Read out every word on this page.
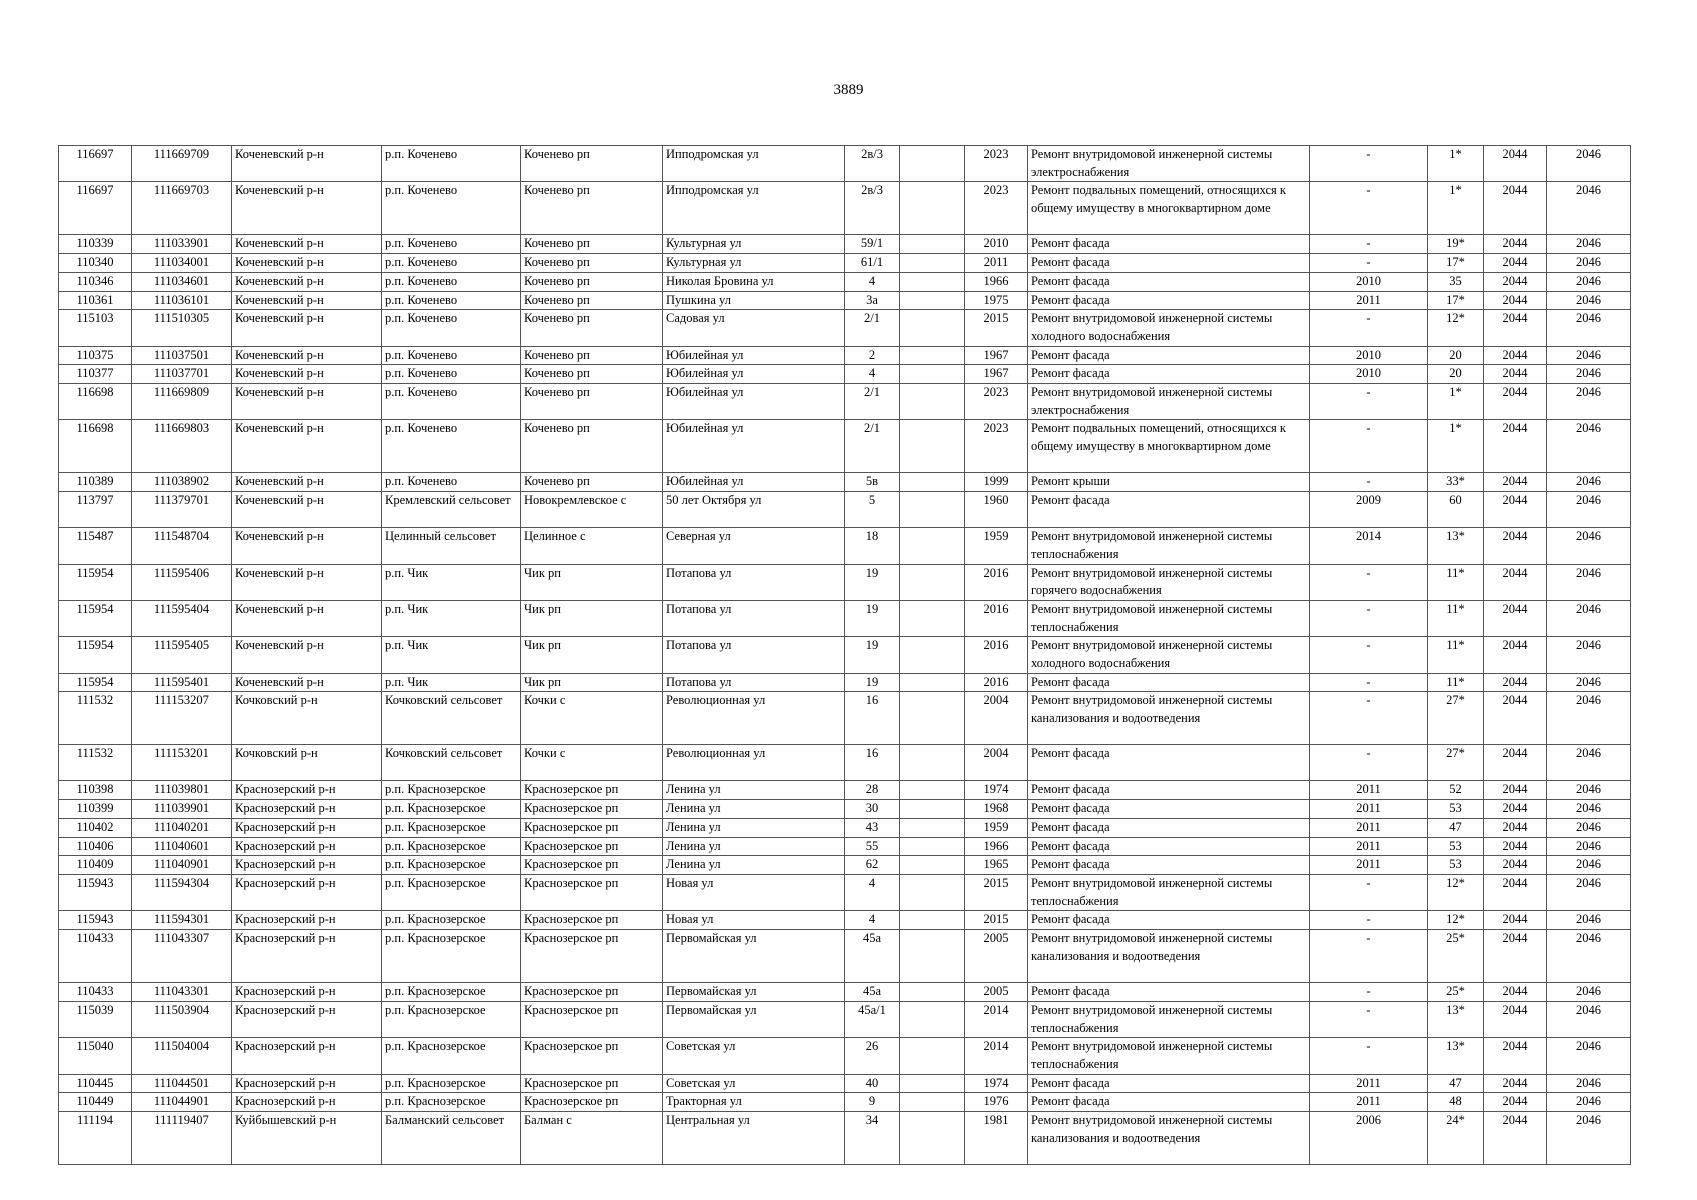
3889
116697	111669709	Коченевский р-н	р.п. Коченево	Коченево рп	Ипподромская ул	2в/3		2023	Ремонт внутридомовой инженерной системы электроснабжения	-	1*	2044	2046
116697	111669703	Коченевский р-н	р.п. Коченево	Коченево рп	Ипподромская ул	2в/3		2023	Ремонт подвальных помещений, относящихся к общему имуществу в многоквартирном доме	-	1*	2044	2046
110339	111033901	Коченевский р-н	р.п. Коченево	Коченево рп	Культурная ул	59/1		2010	Ремонт фасада	-	19*	2044	2046
110340	111034001	Коченевский р-н	р.п. Коченево	Коченево рп	Культурная ул	61/1		2011	Ремонт фасада	-	17*	2044	2046
110346	111034601	Коченевский р-н	р.п. Коченево	Коченево рп	Николая Бровина ул	4		1966	Ремонт фасада	2010	35	2044	2046
110361	111036101	Коченевский р-н	р.п. Коченево	Коченево рп	Пушкина ул	3а		1975	Ремонт фасада	2011	17*	2044	2046
115103	111510305	Коченевский р-н	р.п. Коченево	Коченево рп	Садовая ул	2/1		2015	Ремонт внутридомовой инженерной системы холодного водоснабжения	-	12*	2044	2046
110375	111037501	Коченевский р-н	р.п. Коченево	Коченево рп	Юбилейная ул	2		1967	Ремонт фасада	2010	20	2044	2046
110377	111037701	Коченевский р-н	р.п. Коченево	Коченево рп	Юбилейная ул	4		1967	Ремонт фасада	2010	20	2044	2046
116698	111669809	Коченевский р-н	р.п. Коченево	Коченево рп	Юбилейная ул	2/1		2023	Ремонт внутридомовой инженерной системы электроснабжения	-	1*	2044	2046
116698	111669803	Коченевский р-н	р.п. Коченево	Коченево рп	Юбилейная ул	2/1		2023	Ремонт подвальных помещений, относящихся к общему имуществу в многоквартирном доме	-	1*	2044	2046
110389	111038902	Коченевский р-н	р.п. Коченево	Коченево рп	Юбилейная ул	5в		1999	Ремонт крыши	-	33*	2044	2046
113797	111379701	Коченевский р-н	Кремлевский сельсовет	Новокремлевское с	50 лет Октября ул	5		1960	Ремонт фасада	2009	60	2044	2046
115487	111548704	Коченевский р-н	Целинный сельсовет	Целинное с	Северная ул	18		1959	Ремонт внутридомовой инженерной системы теплоснабжения	2014	13*	2044	2046
115954	111595406	Коченевский р-н	р.п. Чик	Чик рп	Потапова ул	19		2016	Ремонт внутридомовой инженерной системы горячего водоснабжения	-	11*	2044	2046
115954	111595404	Коченевский р-н	р.п. Чик	Чик рп	Потапова ул	19		2016	Ремонт внутридомовой инженерной системы теплоснабжения	-	11*	2044	2046
115954	111595405	Коченевский р-н	р.п. Чик	Чик рп	Потапова ул	19		2016	Ремонт внутридомовой инженерной системы холодного водоснабжения	-	11*	2044	2046
115954	111595401	Коченевский р-н	р.п. Чик	Чик рп	Потапова ул	19		2016	Ремонт фасада	-	11*	2044	2046
111532	111153207	Кочковский р-н	Кочковский сельсовет	Кочки с	Революционная ул	16		2004	Ремонт внутридомовой инженерной системы канализования и водоотведения	-	27*	2044	2046
111532	111153201	Кочковский р-н	Кочковский сельсовет	Кочки с	Революционная ул	16		2004	Ремонт фасада	-	27*	2044	2046
110398	111039801	Краснозерский р-н	р.п. Краснозерское	Краснозерское рп	Ленина ул	28		1974	Ремонт фасада	2011	52	2044	2046
110399	111039901	Краснозерский р-н	р.п. Краснозерское	Краснозерское рп	Ленина ул	30		1968	Ремонт фасада	2011	53	2044	2046
110402	111040201	Краснозерский р-н	р.п. Краснозерское	Краснозерское рп	Ленина ул	43		1959	Ремонт фасада	2011	47	2044	2046
110406	111040601	Краснозерский р-н	р.п. Краснозерское	Краснозерское рп	Ленина ул	55		1966	Ремонт фасада	2011	53	2044	2046
110409	111040901	Краснозерский р-н	р.п. Краснозерское	Краснозерское рп	Ленина ул	62		1965	Ремонт фасада	2011	53	2044	2046
115943	111594304	Краснозерский р-н	р.п. Краснозерское	Краснозерское рп	Новая ул	4		2015	Ремонт внутридомовой инженерной системы теплоснабжения	-	12*	2044	2046
115943	111594301	Краснозерский р-н	р.п. Краснозерское	Краснозерское рп	Новая ул	4		2015	Ремонт фасада	-	12*	2044	2046
110433	111043307	Краснозерский р-н	р.п. Краснозерское	Краснозерское рп	Первомайская ул	45а		2005	Ремонт внутридомовой инженерной системы канализования и водоотведения	-	25*	2044	2046
110433	111043301	Краснозерский р-н	р.п. Краснозерское	Краснозерское рп	Первомайская ул	45а		2005	Ремонт фасада	-	25*	2044	2046
115039	111503904	Краснозерский р-н	р.п. Краснозерское	Краснозерское рп	Первомайская ул	45а/1		2014	Ремонт внутридомовой инженерной системы теплоснабжения	-	13*	2044	2046
115040	111504004	Краснозерский р-н	р.п. Краснозерское	Краснозерское рп	Советская ул	26		2014	Ремонт внутридомовой инженерной системы теплоснабжения	-	13*	2044	2046
110445	111044501	Краснозерский р-н	р.п. Краснозерское	Краснозерское рп	Советская ул	40		1974	Ремонт фасада	2011	47	2044	2046
110449	111044901	Краснозерский р-н	р.п. Краснозерское	Краснозерское рп	Тракторная ул	9		1976	Ремонт фасада	2011	48	2044	2046
111194	111119407	Куйбышевский р-н	Балманский сельсовет	Балман с	Центральная ул	34		1981	Ремонт внутридомовой инженерной системы канализования и водоотведения	2006	24*	2044	2046
